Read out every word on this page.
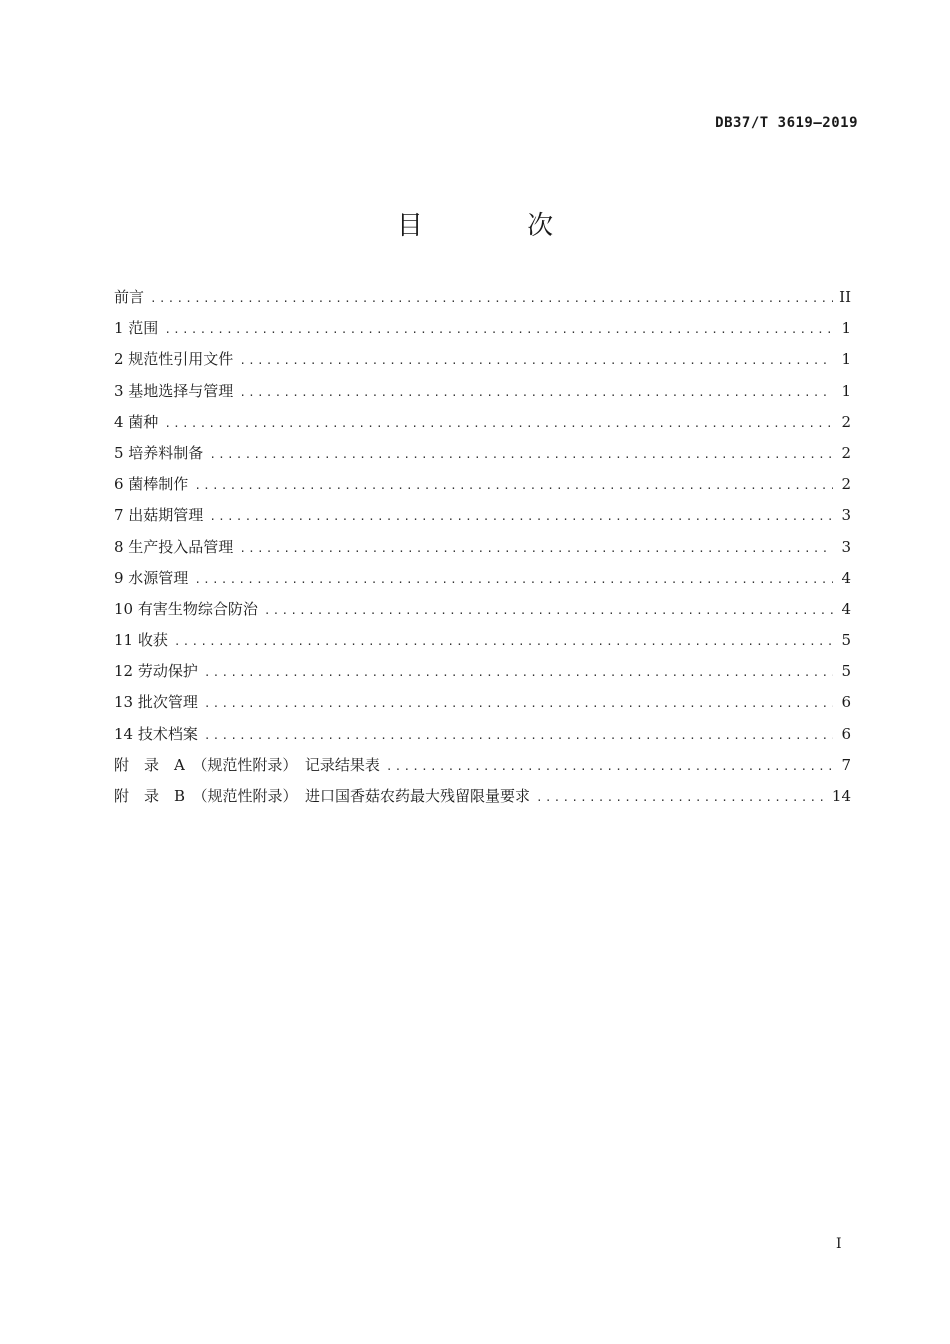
DB37/T 3619—2019
目 次
前言 .....	II
1 范围 .....	1
2 规范性引用文件 .....	1
3 基地选择与管理 .....	1
4 菌种 .....	2
5 培养料制备 .....	2
6 菌棒制作 .....	2
7 出菇期管理 .....	3
8 生产投入品管理 .....	3
9 水源管理 .....	4
10 有害生物综合防治 .....	4
11 收获 .....	5
12 劳动保护 .....	5
13 批次管理 .....	6
14 技术档案 .....	6
附　录　A　（规范性附录）　记录结果表 .....	7
附　录　B　（规范性附录）　进口国香菇农药最大残留限量要求 .....	14
I
